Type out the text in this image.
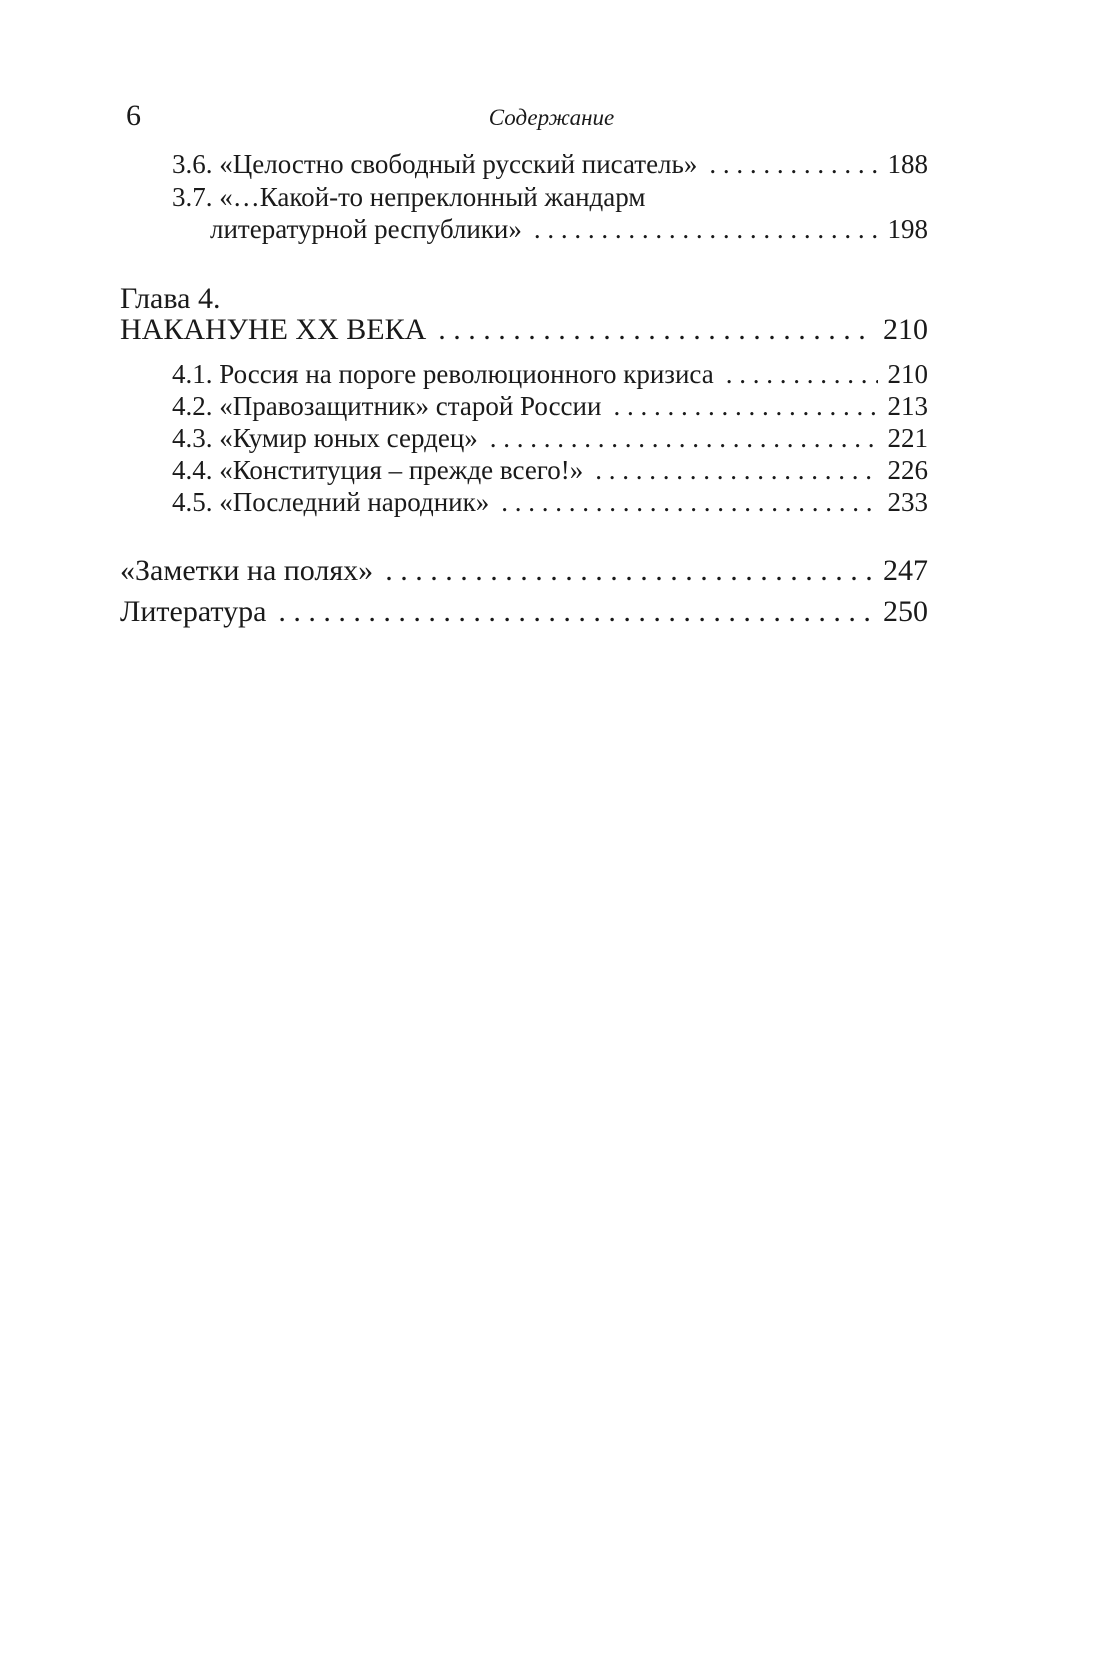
6	Содержание
3.6. «Целостно свободный русский писатель» . . .	188
3.7. «…Какой-то непреклонный жандарм
литературной республики» . . .	198
Глава 4.
НАКАНУНЕ XX ВЕКА . . .	210
4.1. Россия на пороге революционного кризиса . . .	210
4.2. «Правозащитник» старой России . . .	213
4.3. «Кумир юных сердец» . . .	221
4.4. «Конституция – прежде всего!» . . .	226
4.5. «Последний народник» . . .	233
«Заметки на полях» . . .	247
Литература . . .	250
